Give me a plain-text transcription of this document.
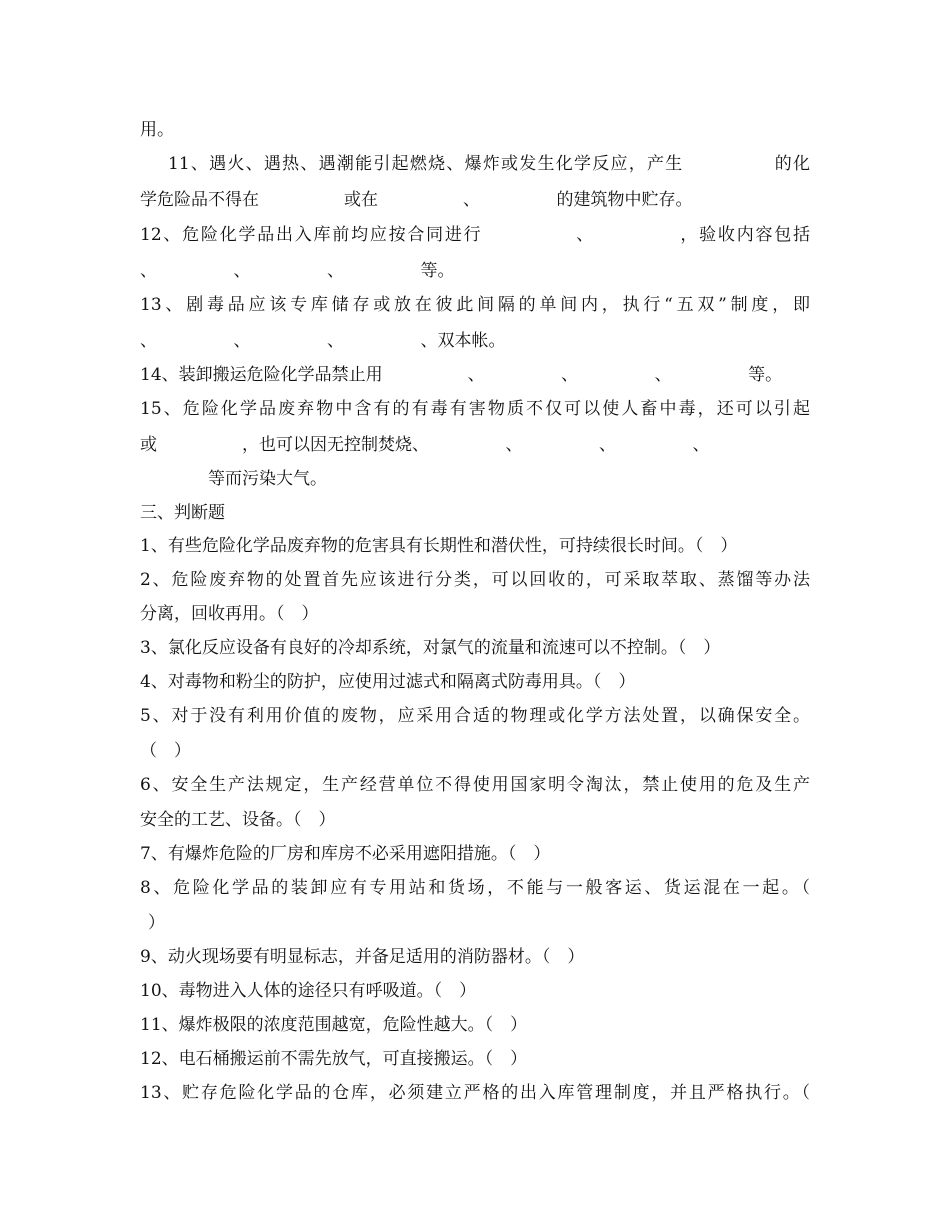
用。
11、遇火、遇热、遇潮能引起燃烧、爆炸或发生化学反应，产生　　　　　的化
学危险品不得在　　　　　或在　　　　　、　　　　　的建筑物中贮存。
12、危险化学品出入库前均应按合同进行　　　　　、　　　　　，验收内容包括
、　　　　　、　　　　　、　　　　　等。
13、剧毒品应该专库储存或放在彼此间隔的单间内，执行“五双”制度，即
、　　　　　、　　　　　、　　　　　、双本帐。
14、装卸搬运危险化学品禁止用　　　　　、　　　　　、　　　　　、　　　　　等。
15、危险化学品废弃物中含有的有毒有害物质不仅可以使人畜中毒，还可以引起
或　　　　　，也可以因无控制焚烧、　　　　　、　　　　　、　　　　　、
　　　　等而污染大气。
三、判断题
1、有些危险化学品废弃物的危害具有长期性和潜伏性，可持续很长时间。（　）
2、危险废弃物的处置首先应该进行分类，可以回收的，可采取萃取、蒸馏等办法
分离，回收再用。（　）
3、氯化反应设备有良好的冷却系统，对氯气的流量和流速可以不控制。（　）
4、对毒物和粉尘的防护，应使用过滤式和隔离式防毒用具。（　）
5、对于没有利用价值的废物，应采用合适的物理或化学方法处置，以确保安全。
（　）
6、安全生产法规定，生产经营单位不得使用国家明令淘汰，禁止使用的危及生产
安全的工艺、设备。（　）
7、有爆炸危险的厂房和库房不必采用遮阳措施。（　）
8、危险化学品的装卸应有专用站和货场，不能与一般客运、货运混在一起。（
）
9、动火现场要有明显标志，并备足适用的消防器材。（　）
10、毒物进入人体的途径只有呼吸道。（　）
11、爆炸极限的浓度范围越宽，危险性越大。（　）
12、电石桶搬运前不需先放气，可直接搬运。（　）
13、贮存危险化学品的仓库，必须建立严格的出入库管理制度，并且严格执行。（
